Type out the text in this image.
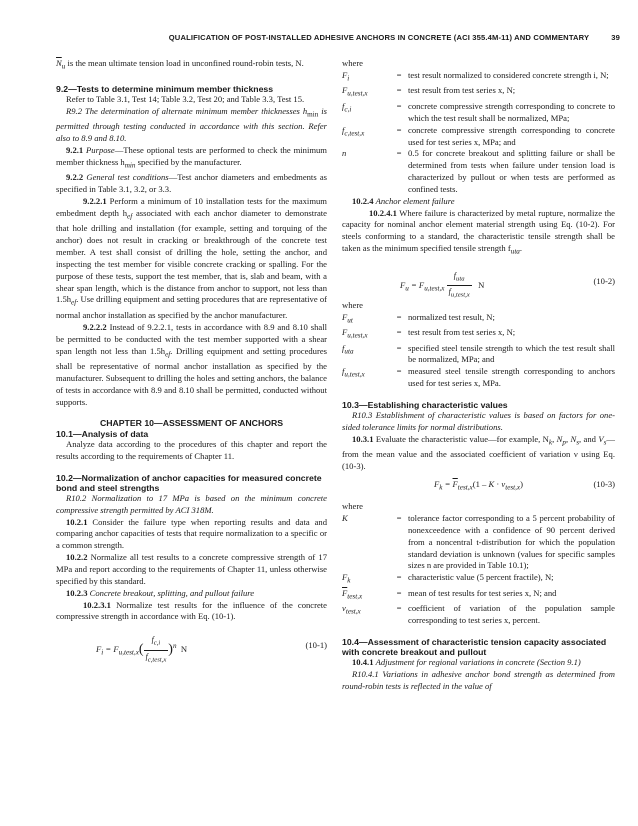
QUALIFICATION OF POST-INSTALLED ADHESIVE ANCHORS IN CONCRETE (ACI 355.4M-11) AND COMMENTARY	39

$\overline{N}_u$ is the mean ultimate tension load in unconfined round-robin tests, N.

9.2—Tests to determine minimum member thickness

Refer to Table 3.1, Test 14; Table 3.2, Test 20; and Table 3.3, Test 15.

R9.2 The determination of alternate minimum member thicknesses $h_{min}$ is permitted through testing conducted in accordance with this section. Refer also to 8.9 and 8.10.

9.2.1 Purpose—These optional tests are performed to check the minimum member thickness $h_{min}$ specified by the manufacturer.

9.2.2 General test conditions—Test anchor diameters and embedments as specified in Table 3.1, 3.2, or 3.3.

9.2.2.1 Perform a minimum of 10 installation tests for the maximum embedment depth $h_{ef}$ associated with each anchor diameter to demonstrate that hole drilling and installation (for example, setting and torquing of the anchor) does not result in cracking or breakthrough of the concrete test member. A test shall consist of drilling the hole, setting the anchor, and inspecting the test member for visible concrete cracking or spalling. For the purpose of these tests, support the test member, that is, slab and beam, with a shear span length, which is the distance from anchor to support, not less than $1.5h_{ef}$. Use drilling equipment and setting procedures that are representative of normal anchor installation as specified by the anchor manufacturer.

9.2.2.2 Instead of 9.2.2.1, tests in accordance with 8.9 and 8.10 shall be permitted to be conducted with the test member supported with a shear span length not less than $1.5h_{ef}$. Drilling equipment and setting procedures shall be representative of normal anchor installation as specified by the manufacturer. Subsequent to drilling the holes and setting anchors, the balance of tests in accordance with 8.9 and 8.10 shall be permitted, conducted without supports.

CHAPTER 10—ASSESSMENT OF ANCHORS

10.1—Analysis of data

Analyze data according to the procedures of this chapter and report the results according to the requirements of Chapter 11.

10.2—Normalization of anchor capacities for measured concrete bond and steel strengths

R10.2 Normalization to 17 MPa is based on the minimum concrete compressive strength permitted by ACI 318M.

10.2.1 Consider the failure type when reporting results and data and comparing anchor capacities of tests that require normalization to a specific or a common strength.

10.2.2 Normalize all test results to a concrete compressive strength of 17 MPa and report according to the requirements of Chapter 11, unless otherwise specified by this standard.

10.2.3 Concrete breakout, splitting, and pullout failure

10.2.3.1 Normalize test results for the influence of the concrete compressive strength in accordance with Eq. (10-1).

$F_i = F_{u,test,x}( \frac{f_{c,i}}{f_{c,test,x}} )^n$ N	(10-1)

where

$F_i$	=	test result normalized to considered concrete strength i, N;
$F_{u,test,x}$	=	test result from test series x, N;
$f_{c,i}$	=	concrete compressive strength corresponding to concrete to which the test result shall be normalized, MPa;
$f_{c,test,x}$	=	concrete compressive strength corresponding to concrete used for test series x, MPa; and
n	=	0.5 for concrete breakout and splitting failure or shall be determined from tests when failure under tension load is characterized by pullout or when tests are performed as confined tests.

10.2.4 Anchor element failure

10.2.4.1 Where failure is characterized by metal rupture, normalize the capacity for nominal anchor element material strength using Eq. (10-2). For steels conforming to a standard, the characteristic tensile strength shall be taken as the minimum specified tensile strength $f_{uta}$.

$F_u = F_{u,test,x} \frac{f_{uta}}{f_{u,test,x}}$ N	(10-2)

where

$F_{ut}$	=	normalized test result, N;
$F_{u,test,x}$	=	test result from test series x, N;
$f_{uta}$	=	specified steel tensile strength to which the test result shall be normalized, MPa; and
$f_{u,test,x}$	=	measured steel tensile strength corresponding to anchors used for test series x, MPa.

10.3—Establishing characteristic values

R10.3 Establishment of characteristic values is based on factors for one-sided tolerance limits for normal distributions.

10.3.1 Evaluate the characteristic value—for example, $N_k$, $N_p$, $N_s$, and $V_s—from$ the mean value and the associated coefficient of variation ν using Eq. (10-3).

$F_k = \overline{F}_{test,x}(1 - K \cdot \nu_{test,x})$	(10-3)

where

K	=	tolerance factor corresponding to a 5 percent probability of nonexceedence with a confidence of 90 percent derived from a noncentral t-distribution for which the population standard deviation is unknown (values for specific samples sizes n are provided in Table 10.1);
$F_k$	=	characteristic value (5 percent fractile), N;
$\overline{F}_{test,x}$	=	mean of test results for test series x, N; and
$\nu_{test,x}$	=	coefficient of variation of the population sample corresponding to test series x, percent.

10.4—Assessment of characteristic tension capacity associated with concrete breakout and pullout

10.4.1 Adjustment for regional variations in concrete (Section 9.1)

R10.4.1 Variations in adhesive anchor bond strength as determined from round-robin tests is reflected in the value of
